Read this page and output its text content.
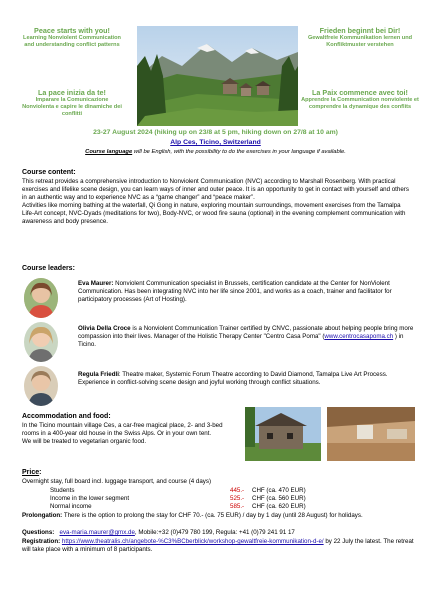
Peace starts with you!
Learning Nonviolent Communication and understanding conflict patterns
La pace inizia da te!
Imparare la Comunicazione Nonviolenta e capire le dinamiche dei conflitti
Frieden beginnt bei Dir!
Gewaltfreie Kommunikation lernen und Konfliktmuster verstehen
La Paix commence avec toi!
Apprendre la Communication nonviolente et comprendre la dynamique des conflits
23-27 August 2024 (hiking up on 23/8 at 5 pm, hiking down on 27/8 at 10 am)
Alp Ces, Ticino, Switzerland
Course language will be English, with the possibility to do the exercises in your language if available.
Course content:
This retreat provides a comprehensive introduction to Nonviolent Communication (NVC) according to Marshall Rosenberg. With practical exercises and lifelike scene design, you can learn ways of inner and outer peace. It is an opportunity to get in contact with yourself and others in an authentic way and to experience NVC as a “game changer” and “peace maker”.
Activities like morning bathing at the waterfall, Qi Gong in nature, exploring mountain surroundings, movement exercises from the Tamalpa Life-Art concept, NVC-Dyads (meditations for two), Body-NVC, or wood fire sauna (optional) in the evening complement communication with awareness and body presence.
Course leaders:
Eva Maurer: Nonviolent Communication specialist in Brussels, certification candidate at the Center for NonViolent Communication. Has been integrating NVC into her life since 2001, and works as a coach, trainer and facilitator for participatory processes (Art of Hosting).
Olivia Della Croce is a Nonviolent Communication Trainer certified by CNVC, passionate about helping people bring more compassion into their lives. Manager of the Holistic Therapy Center "Centro Casa Poma" (www.centrocasapoma.ch ) in Ticino.
Regula Friedli: Theatre maker, Systemic Forum Theatre according to David Diamond, Tamalpa Live Art Process. Experience in conflict-solving scene design and joyful working through conflict situations.
Accommodation and food:
In the Ticino mountain village Ces, a car-free magical place, 2- and 3-bed rooms in a 400-year old house in the Swiss Alps. Or in your own tent.
We will be treated to vegetarian organic food.
Price:
Overnight stay, full board incl. luggage transport, and course (4 days)
Students	445.-	CHF (ca. 470 EUR)
Income in the lower segment	525.-	CHF (ca. 560 EUR)
Normal income	585.-	CHF (ca. 620 EUR)
Prolongation: There is the option to prolong the stay for CHF 70.- (ca. 75 EUR) / day by 1 day (until 28 August) for holidays.
Questions: eva-maria.maurer@gmx.de, Mobile:+32 (0)479 780 199, Regula: +41 (0)79 241 91 17
Registration: https://www.theatralis.ch/angebote-%C3%BCberblick/workshop-gewaltfreie-kommunikation-d-e/ by 22 July the latest. The retreat will take place with a minimum of 8 participants.
